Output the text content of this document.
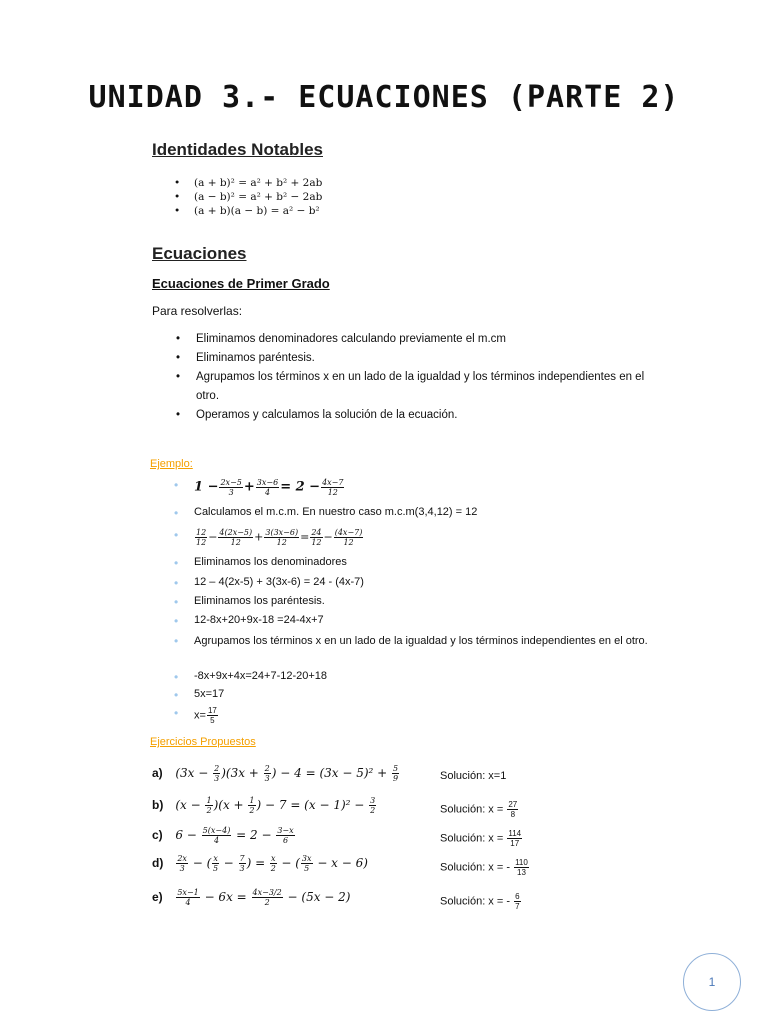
UNIDAD 3.- ECUACIONES (PARTE 2)
Identidades Notables
• (a + b)² = a² + b² + 2ab
• (a − b)² = a² + b² − 2ab
• (a + b)(a − b) = a² − b²
Ecuaciones
Ecuaciones de Primer Grado

Para resolverlas:

• Eliminamos denominadores calculando previamente el m.cm
• Eliminamos paréntesis.
• Agrupamos los términos x en un lado de la igualdad y los términos independientes en el otro.
• Operamos y calculamos la solución de la ecuación.

Ejemplo:

• $1 - \frac{2x-5}{3} + \frac{3x-6}{4} = 2 - \frac{4x-7}{12}$
• Calculamos el m.c.m. En nuestro caso m.c.m(3,4,12) = 12
• $\frac{12}{12} - \frac{4(2x-5)}{12} + \frac{3(3x-6)}{12} = \frac{24}{12} - \frac{(4x-7)}{12}$
• Eliminamos los denominadores
• 12 – 4(2x-5) + 3(3x-6) = 24 - (4x-7)
• Eliminamos los paréntesis.
• 12-8x+20+9x-18 =24-4x+7
• Agrupamos los términos x en un lado de la igualdad y los términos independientes en el otro.
• -8x+9x+4x=24+7-12-20+18
• 5x=17
• $x= \frac{17}{5}$

Ejercicios Propuestos

a) $(3x - \frac{2}{3} )(3x + \frac{2}{3}$ ) − $4 = (3x - 5)^2 + \frac{5}{9}$	Solución: x=1
b) $(x - \frac{1}{2} )(x + \frac{1}{2}$ ) − $7 = (x - 1)^2 - \frac{3}{2}$	Solución: $x = \frac{27}{8}$
c) $6 - \frac{5(x-4)}{4} = 2 - \frac{3-x}{6}$	Solución: $x = \frac{114}{17}$
$d) \frac{2x}{3}$ − ( $\frac{x}{5} - \frac{7}{3}$ ) = $\frac{x}{2}$ − ( $\frac{3x}{5} - x - 6$)	Solución: x = - $\frac{110}{13}$
$e) \frac{5x-1}{4} - 6x = \frac{4x-3/2}{2} - (5x - 2)$	Solución: x = - $\frac{6}{7}$
1
